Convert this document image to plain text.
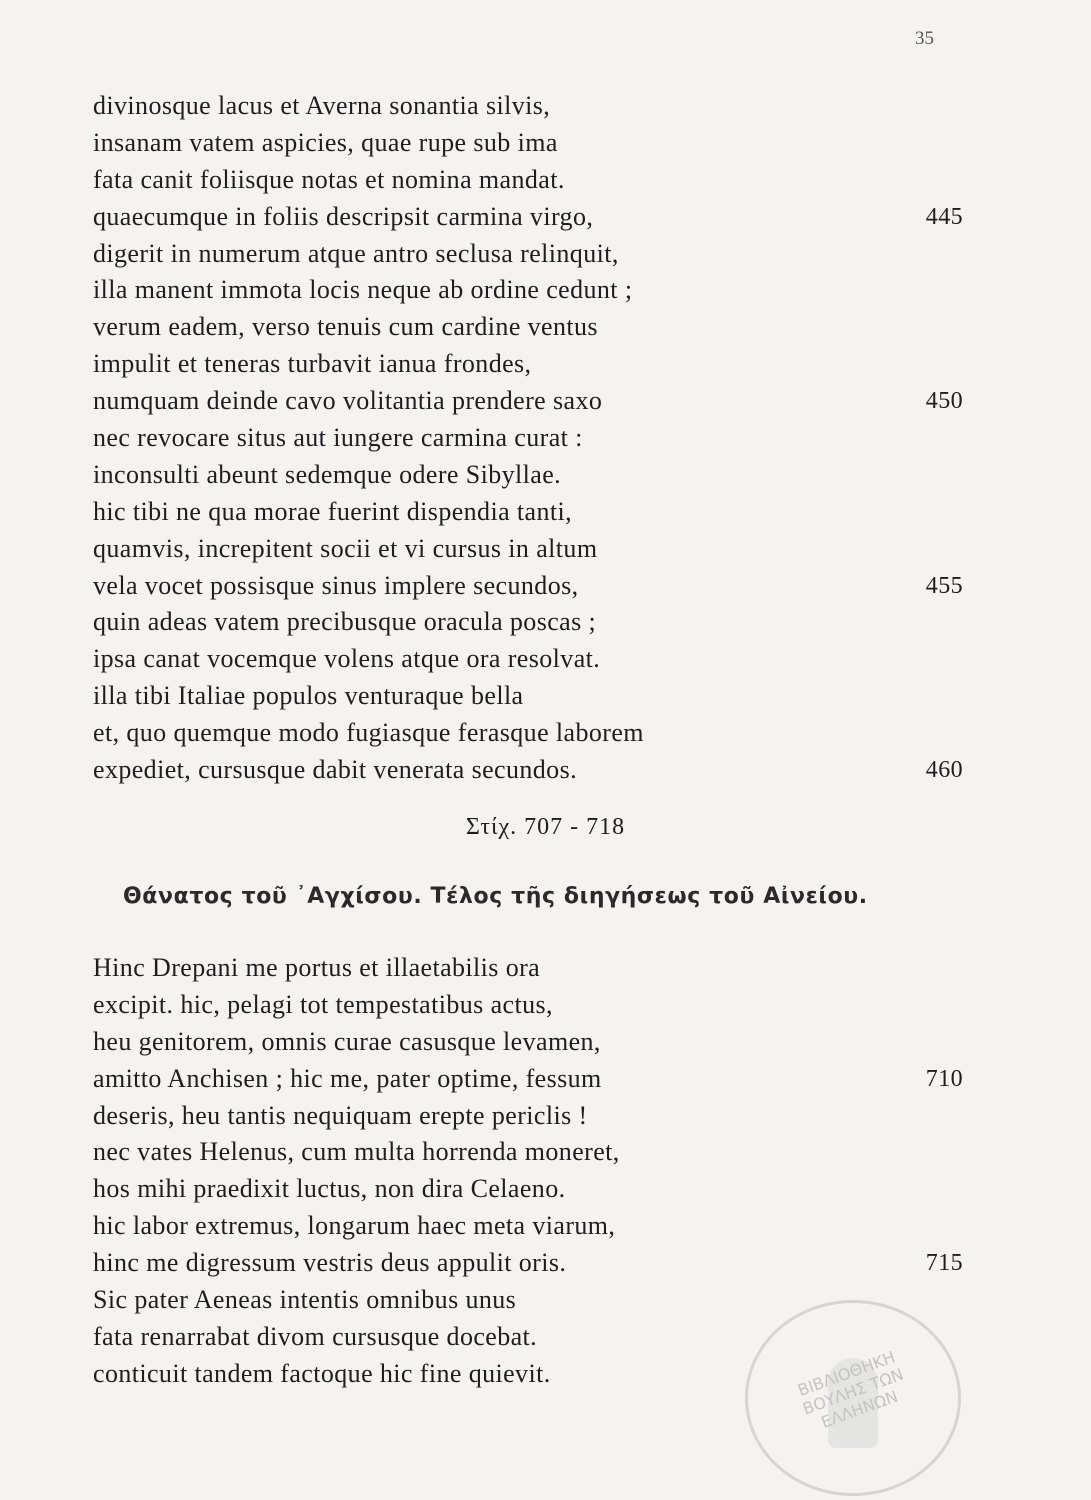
35
divinosque lacus et Averna sonantia silvis,
insanam vatem aspicies, quae rupe sub ima
fata canit foliisque notas et nomina mandat.
quaecumque in foliis descripsit carmina virgo,	445
digerit in numerum atque antro seclusa relinquit,
illa manent immota locis neque ab ordine cedunt ;
verum eadem, verso tenuis cum cardine ventus
impulit et teneras turbavit ianua frondes,
numquam deinde cavo volitantia prendere saxo	450
nec revocare situs aut iungere carmina curat :
inconsulti abeunt sedemque odere Sibyllae.
hic tibi ne qua morae fuerint dispendia tanti,
quamvis, increpitent socii et vi cursus in altum
vela vocet possisque sinus implere secundos,	455
quin adeas vatem precibusque oracula poscas ;
ipsa canat vocemque volens atque ora resolvat.
illa tibi Italiae populos venturaque bella
et, quo quemque modo fugiasque ferasque laborem
expediet, cursusque dabit venerata secundos.	460
Στίχ. 707 - 718
Θάνατος τοῦ ᾿Αγχίσου. Τέλος τῆς διηγήσεως τοῦ Αἰνείου.
Hinc Drepani me portus et illaetabilis ora
excipit. hic, pelagi tot tempestatibus actus,
heu genitorem, omnis curae casusque levamen,
amitto Anchisen ; hic me, pater optime, fessum	710
deseris, heu tantis nequiquam erepte periclis !
nec vates Helenus, cum multa horrenda moneret,
hos mihi praedixit luctus, non dira Celaeno.
hic labor extremus, longarum haec meta viarum,
hinc me digressum vestris deus appulit oris.	715
Sic pater Aeneas intentis omnibus unus
fata renarrabat divom cursusque docebat.
conticuit tandem factoque hic fine quievit.	ΒΙΒΛΙΟΘΗΚΗ ΒΟΥΛΗΣ ΤΩΝ ΕΛΛΗΝΩΝ
